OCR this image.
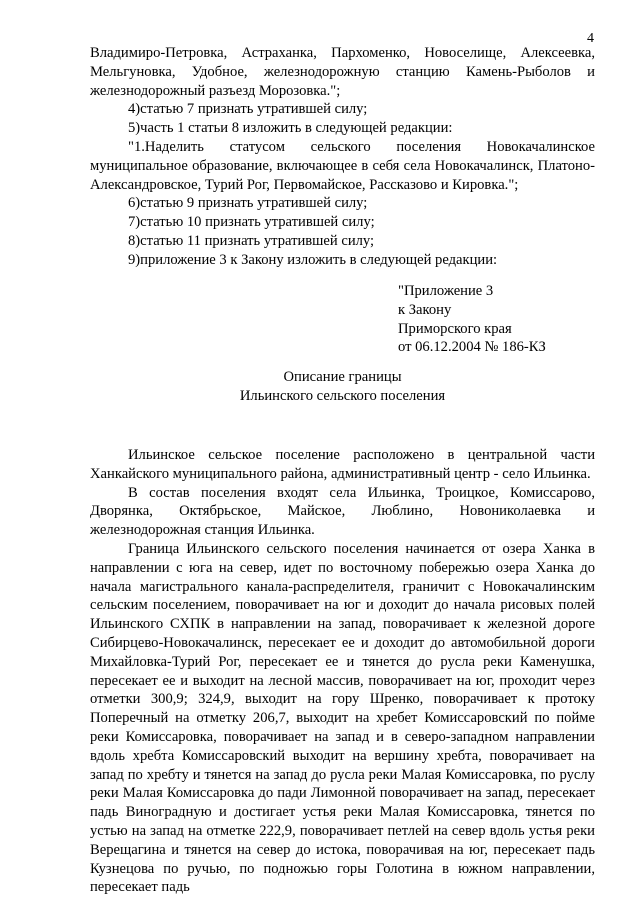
4

Владимиро-Петровка, Астраханка, Пархоменко, Новоселище, Алексеевка, Мельгуновка, Удобное, железнодорожную станцию Камень-Рыболов и железнодорожный разъезд Морозовка.";

4)статью 7 признать утратившей силу;

5)часть 1 статьи 8 изложить в следующей редакции:

"1.Наделить статусом сельского поселения Новокачалинское муниципальное образование, включающее в себя села Новокачалинск, Платоно-Александровское, Турий Рог, Первомайское, Рассказово и Кировка.";

6)статью 9 признать утратившей силу;

7)статью 10 признать утратившей силу;

8)статью 11 признать утратившей силу;

9)приложение 3 к Закону изложить в следующей редакции:

"Приложение 3
к Закону
Приморского края
от 06.12.2004 № 186-КЗ
Описание границы
Ильинского сельского поселения

Ильинское сельское поселение расположено в центральной части Ханкайского муниципального района, административный центр - село Ильинка.

В состав поселения входят села Ильинка, Троицкое, Комиссарово, Дворянка, Октябрьское, Майское, Люблино, Новониколаевка и железнодорожная станция Ильинка.

Граница Ильинского сельского поселения начинается от озера Ханка в направлении с юга на север, идет по восточному побережью озера Ханка до начала магистрального канала-распределителя, граничит с Новокачалинским сельским поселением, поворачивает на юг и доходит до начала рисовых полей Ильинского СХПК в направлении на запад, поворачивает к железной дороге Сибирцево-Новокачалинск, пересекает ее и доходит до автомобильной дороги Михайловка-Турий Рог, пересекает ее и тянется до русла реки Каменушка, пересекает ее и выходит на лесной массив, поворачивает на юг, проходит через отметки 300,9; 324,9, выходит на гору Шренко, поворачивает к протоку Поперечный на отметку 206,7, выходит на хребет Комиссаровский по пойме реки Комиссаровка, поворачивает на запад и в северо-западном направлении вдоль хребта Комиссаровский выходит на вершину хребта, поворачивает на запад по хребту и тянется на запад до русла реки Малая Комиссаровка, по руслу реки Малая Комиссаровка до пади Лимонной поворачивает на запад, пересекает падь Виноградную и достигает устья реки Малая Комиссаровка, тянется по устью на запад на отметке 222,9, поворачивает петлей на север вдоль устья реки Верещагина и тянется на север до истока, поворачивая на юг, пересекает падь Кузнецова по ручью, по подножью горы Голотина в южном направлении, пересекает падь
